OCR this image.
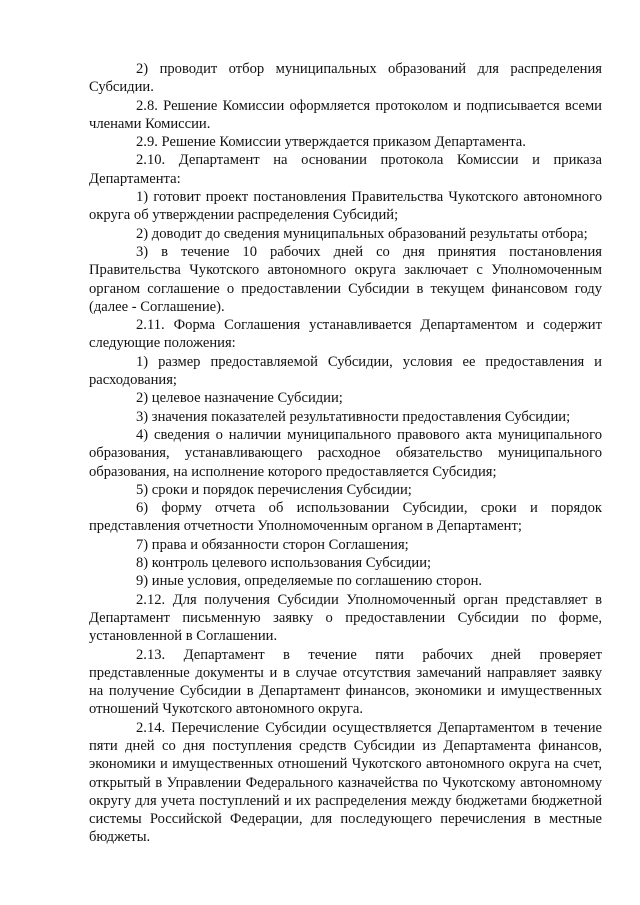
2) проводит отбор муниципальных образований для распределения Субсидии.

2.8. Решение Комиссии оформляется протоколом и подписывается всеми членами Комиссии.

2.9. Решение Комиссии утверждается приказом Департамента.

2.10. Департамент на основании протокола Комиссии и приказа Департамента:

1) готовит проект постановления Правительства Чукотского автономного округа об утверждении распределения Субсидий;

2) доводит до сведения муниципальных образований результаты отбора;

3) в течение 10 рабочих дней со дня принятия постановления Правительства Чукотского автономного округа заключает с Уполномоченным органом соглашение о предоставлении Субсидии в текущем финансовом году (далее - Соглашение).

2.11. Форма Соглашения устанавливается Департаментом и содержит следующие положения:

1) размер предоставляемой Субсидии, условия ее предоставления и расходования;

2) целевое назначение Субсидии;

3) значения показателей результативности предоставления Субсидии;

4) сведения о наличии муниципального правового акта муниципального образования, устанавливающего расходное обязательство муниципального образования, на исполнение которого предоставляется Субсидия;

5) сроки и порядок перечисления Субсидии;

6) форму отчета об использовании Субсидии, сроки и порядок представления отчетности Уполномоченным органом в Департамент;

7) права и обязанности сторон Соглашения;

8) контроль целевого использования Субсидии;

9) иные условия, определяемые по соглашению сторон.

2.12. Для получения Субсидии Уполномоченный орган представляет в Департамент письменную заявку о предоставлении Субсидии по форме, установленной в Соглашении.

2.13. Департамент в течение пяти рабочих дней проверяет представленные документы и в случае отсутствия замечаний направляет заявку на получение Субсидии в Департамент финансов, экономики и имущественных отношений Чукотского автономного округа.

2.14. Перечисление Субсидии осуществляется Департаментом в течение пяти дней со дня поступления средств Субсидии из Департамента финансов, экономики и имущественных отношений Чукотского автономного округа на счет, открытый в Управлении Федерального казначейства по Чукотскому автономному округу для учета поступлений и их распределения между бюджетами бюджетной системы Российской Федерации, для последующего перечисления в местные бюджеты.
